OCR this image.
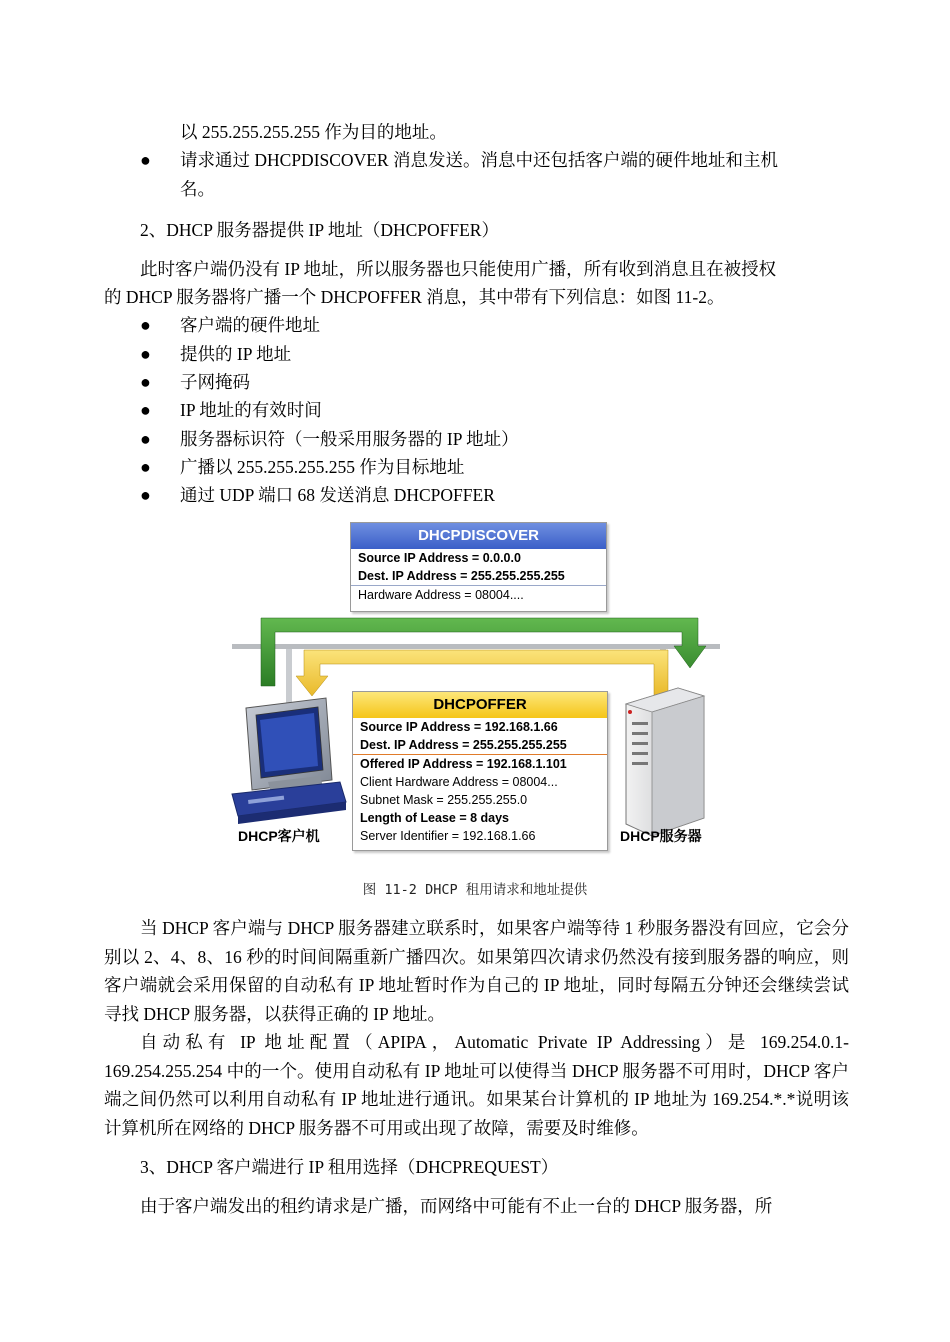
以 255.255.255.255 作为目的地址。
● 请求通过 DHCPDISCOVER 消息发送。消息中还包括客户端的硬件地址和主机
名。
2、DHCP 服务器提供 IP 地址（DHCPOFFER）
此时客户端仍没有 IP 地址，所以服务器也只能使用广播，所有收到消息且在被授权
的 DHCP 服务器将广播一个 DHCPOFFER 消息，其中带有下列信息：如图 11-2。
● 客户端的硬件地址
● 提供的 IP 地址
● 子网掩码
● IP 地址的有效时间
● 服务器标识符（一般采用服务器的 IP 地址）
● 广播以 255.255.255.255 作为目标地址
● 通过 UDP 端口 68 发送消息 DHCPOFFER
DHCPDISCOVER
Source IP Address = 0.0.0.0
Dest. IP Address = 255.255.255.255
Hardware Address = 08004....
DHCPOFFER
Source IP Address = 192.168.1.66
Dest. IP Address = 255.255.255.255
Offered IP Address = 192.168.1.101
Client Hardware Address = 08004...
Subnet Mask = 255.255.255.0
Length of Lease = 8 days
Server Identifier = 192.168.1.66
DHCP客户机	DHCP服务器
图 11-2 DHCP 租用请求和地址提供
当 DHCP 客户端与 DHCP 服务器建立联系时，如果客户端等待 1 秒服务器没有回应，它会分别以 2、4、8、16 秒的时间间隔重新广播四次。如果第四次请求仍然没有接到服务器的响应，则客户端就会采用保留的自动私有 IP 地址暂时作为自己的 IP 地址，同时每隔五分钟还会继续尝试寻找 DHCP 服务器，以获得正确的 IP 地址。
自动私有 IP 地址配置（APIPA，Automatic Private IP Addressing）是 169.254.0.1-169.254.255.254 中的一个。使用自动私有 IP 地址可以使得当 DHCP 服务器不可用时，DHCP 客户端之间仍然可以利用自动私有 IP 地址进行通讯。如果某台计算机的 IP 地址为 169.254.*.*说明该计算机所在网络的 DHCP 服务器不可用或出现了故障，需要及时维修。
3、DHCP 客户端进行 IP 租用选择（DHCPREQUEST）
由于客户端发出的租约请求是广播，而网络中可能有不止一台的 DHCP 服务器，所
